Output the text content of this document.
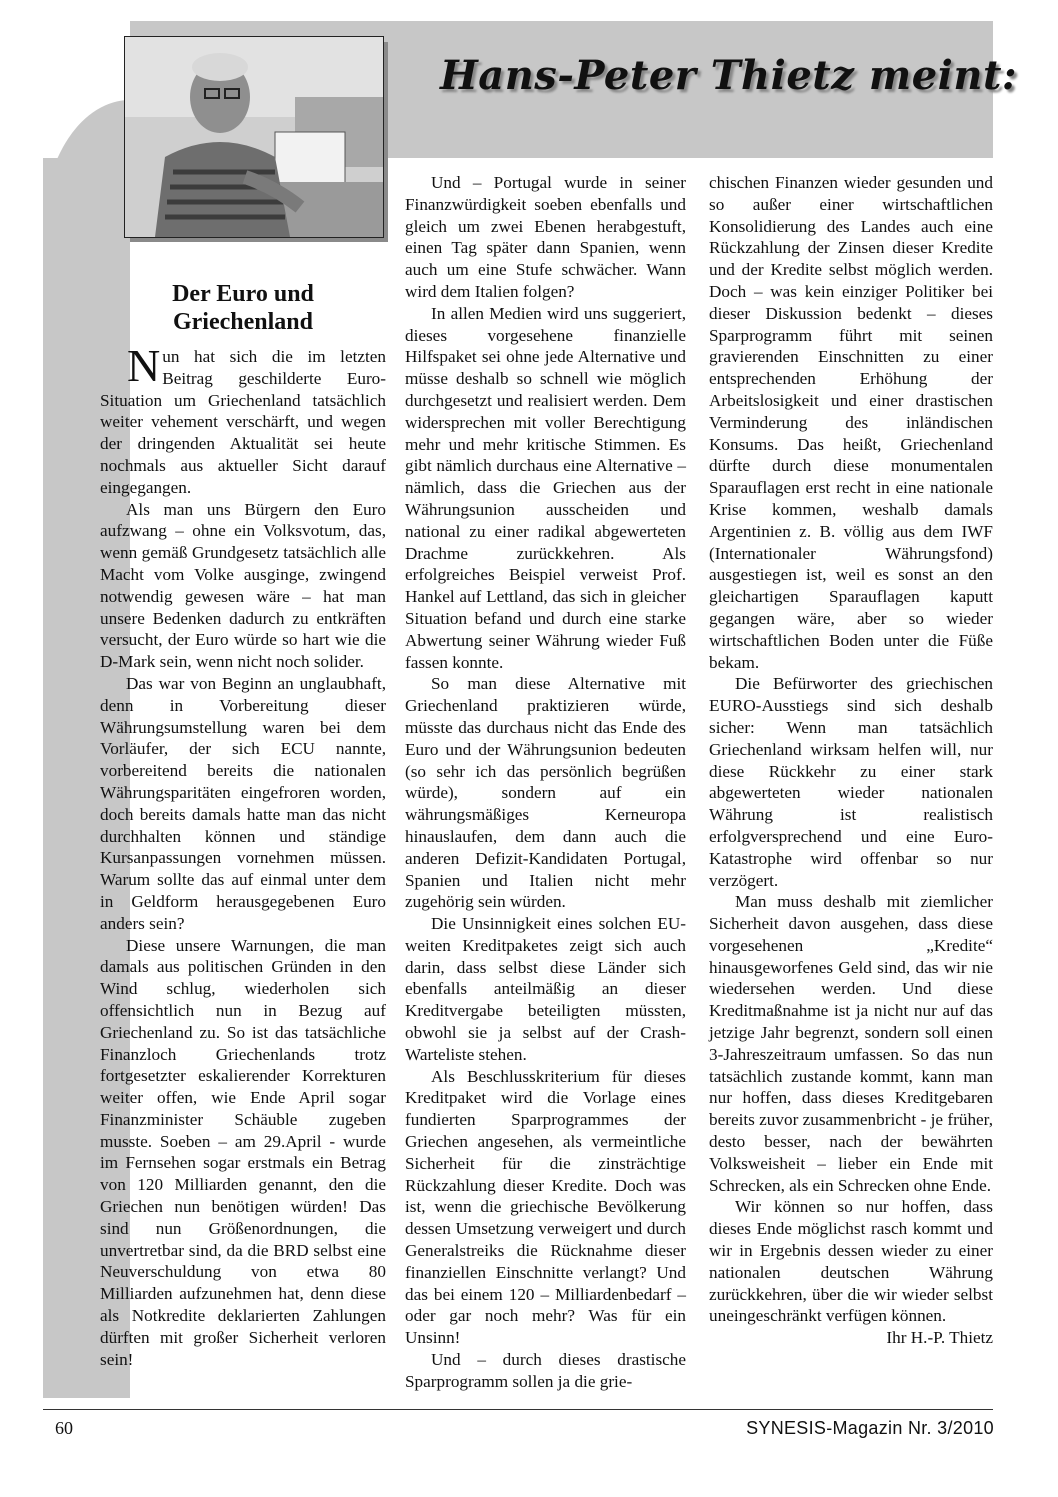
Hans-Peter Thietz meint:
Der Euro und
Griechenland

Nun hat sich die im letzten Beitrag geschilderte Euro-Situation um Griechenland tatsächlich weiter vehement verschärft, und wegen der dringenden Aktualität sei heute nochmals aus aktueller Sicht darauf eingegangen.

Als man uns Bürgern den Euro aufzwang – ohne ein Volksvotum, das, wenn gemäß Grundgesetz tatsächlich alle Macht vom Volke ausginge, zwingend notwendig gewesen wäre – hat man unsere Bedenken dadurch zu entkräften versucht, der Euro würde so hart wie die D-Mark sein, wenn nicht noch solider.

Das war von Beginn an unglaubhaft, denn in Vorbereitung dieser Währungsumstellung waren bei dem Vorläufer, der sich ECU nannte, vorbereitend bereits die nationalen Währungsparitäten eingefroren worden, doch bereits damals hatte man das nicht durchhalten können und ständige Kursanpassungen vornehmen müssen. Warum sollte das auf einmal unter dem in Geldform herausgegebenen Euro anders sein?

Diese unsere Warnungen, die man damals aus politischen Gründen in den Wind schlug, wiederholen sich offensichtlich nun in Bezug auf Griechenland zu. So ist das tatsächliche Finanzloch Griechenlands trotz fortgesetzter eskalierender Korrekturen weiter offen, wie Ende April sogar Finanzminister Schäuble zugeben musste. Soeben – am 29.April - wurde im Fernsehen sogar erstmals ein Betrag von 120 Milliarden genannt, den die Griechen nun benötigen würden! Das sind nun Größenordnungen, die unvertretbar sind, da die BRD selbst eine Neuverschuldung von etwa 80 Milliarden aufzunehmen hat, denn diese als Notkredite deklarierten Zahlungen dürften mit großer Sicherheit verloren sein!

Und – Portugal wurde in seiner Finanzwürdigkeit soeben ebenfalls und gleich um zwei Ebenen herabgestuft, einen Tag später dann Spanien, wenn auch um eine Stufe schwächer. Wann wird dem Italien folgen?

In allen Medien wird uns suggeriert, dieses vorgesehene finanzielle Hilfspaket sei ohne jede Alternative und müsse deshalb so schnell wie möglich durchgesetzt und realisiert werden. Dem widersprechen mit voller Berechtigung mehr und mehr kritische Stimmen. Es gibt nämlich durchaus eine Alternative – nämlich, dass die Griechen aus der Währungsunion ausscheiden und national zu einer radikal abgewerteten Drachme zurückkehren. Als erfolgreiches Beispiel verweist Prof. Hankel auf Lettland, das sich in gleicher Situation befand und durch eine starke Abwertung seiner Währung wieder Fuß fassen konnte.

So man diese Alternative mit Griechenland praktizieren würde, müsste das durchaus nicht das Ende des Euro und der Währungsunion bedeuten (so sehr ich das persönlich begrüßen würde), sondern auf ein währungsmäßiges Kerneuropa hinauslaufen, dem dann auch die anderen Defizit-Kandidaten Portugal, Spanien und Italien nicht mehr zugehörig sein würden.

Die Unsinnigkeit eines solchen EU-weiten Kreditpaketes zeigt sich auch darin, dass selbst diese Länder sich ebenfalls anteilmäßig an dieser Kreditvergabe beteiligten müssten, obwohl sie ja selbst auf der Crash-Warteliste stehen.

Als Beschlusskriterium für dieses Kreditpaket wird die Vorlage eines fundierten Sparprogrammes der Griechen angesehen, als vermeintliche Sicherheit für die zinsträchtige Rückzahlung dieser Kredite. Doch was ist, wenn die griechische Bevölkerung dessen Umsetzung verweigert und durch Generalstreiks die Rücknahme dieser finanziellen Einschnitte verlangt? Und das bei einem 120 – Milliardenbedarf – oder gar noch mehr? Was für ein Unsinn!

Und – durch dieses drastische Sparprogramm sollen ja die grie-

chischen Finanzen wieder gesunden und so außer einer wirtschaftlichen Konsolidierung des Landes auch eine Rückzahlung der Zinsen dieser Kredite und der Kredite selbst möglich werden. Doch – was kein einziger Politiker bei dieser Diskussion bedenkt – dieses Sparprogramm führt mit seinen gravierenden Einschnitten zu einer entsprechenden Erhöhung der Arbeitslosigkeit und einer drastischen Verminderung des inländischen Konsums. Das heißt, Griechenland dürfte durch diese monumentalen Sparauflagen erst recht in eine nationale Krise kommen, weshalb damals Argentinien z. B. völlig aus dem IWF (Internationaler Währungsfond) ausgestiegen ist, weil es sonst an den gleichartigen Sparauflagen kaputt gegangen wäre, aber so wieder wirtschaftlichen Boden unter die Füße bekam.

Die Befürworter des griechischen EURO-Ausstiegs sind sich deshalb sicher: Wenn man tatsächlich Griechenland wirksam helfen will, nur diese Rückkehr zu einer stark abgewerteten wieder nationalen Währung ist realistisch erfolgversprechend und eine Euro-Katastrophe wird offenbar so nur verzögert.

Man muss deshalb mit ziemlicher Sicherheit davon ausgehen, dass diese vorgesehenen „Kredite“ hinausgeworfenes Geld sind, das wir nie wiedersehen werden. Und diese Kreditmaßnahme ist ja nicht nur auf das jetzige Jahr begrenzt, sondern soll einen 3-Jahreszeitraum umfassen. So das nun tatsächlich zustande kommt, kann man nur hoffen, dass dieses Kreditgebaren bereits zuvor zusammenbricht - je früher, desto besser, nach der bewährten Volksweisheit – lieber ein Ende mit Schrecken, als ein Schrecken ohne Ende.

Wir können so nur hoffen, dass dieses Ende möglichst rasch kommt und wir in Ergebnis dessen wieder zu einer nationalen deutschen Währung zurückkehren, über die wir wieder selbst uneingeschränkt verfügen können.

Ihr H.-P. Thietz

60	SYNESIS-Magazin Nr. 3/2010
